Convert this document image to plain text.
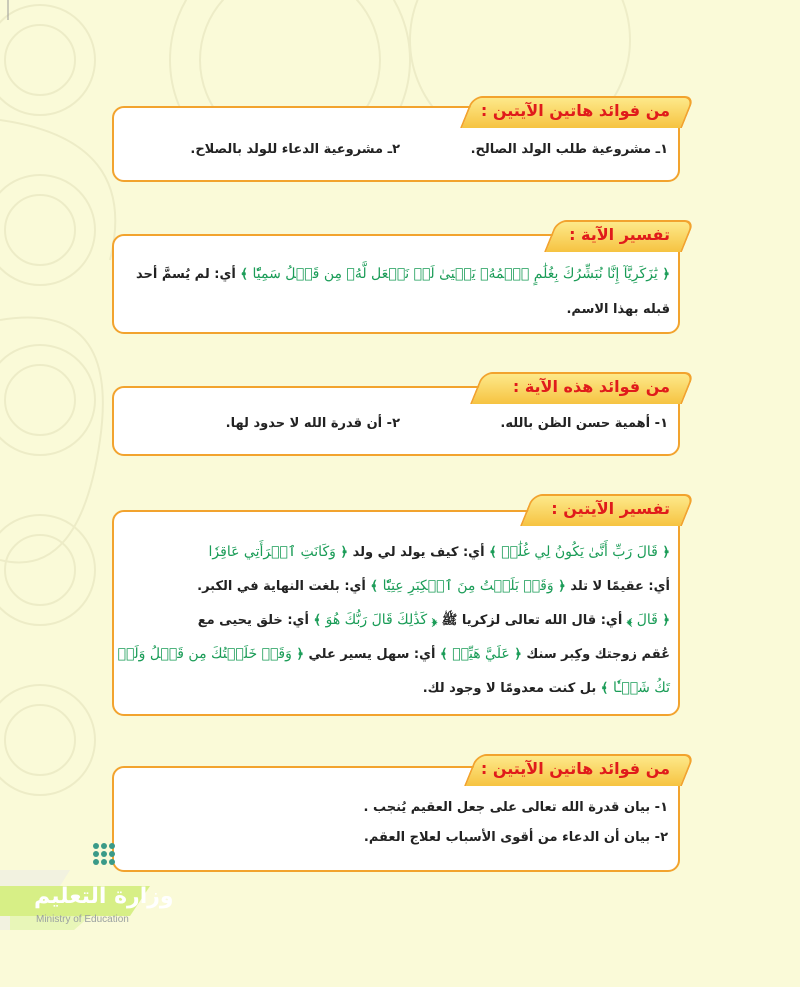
من فوائد هاتين الآيتين :
١ـ مشروعية طلب الولد الصالح.
٢ـ مشروعية الدعاء للولد بالصلاح.
تفسير الآية :
﴿ يَٰزَكَرِيَّآ إِنَّا نُبَشِّرُكَ بِغُلَٰمٍ ٱسۡمُهُۥ يَحۡيَىٰ لَمۡ نَجۡعَل لَّهُۥ مِن قَبۡلُ سَمِيّٗا ﴾ أي: لم يُسمَّ أحد
قبله بهذا الاسم.
من فوائد هذه الآية :
١- أهمية حسن الظن بالله.
٢- أن قدرة الله لا حدود لها.
تفسير الآيتين :
﴿ قَالَ رَبِّ أَنَّىٰ يَكُونُ لِي غُلَٰمٞ ﴾ أي: كيف يولد لي ولد ﴿ وَكَانَتِ ٱمۡرَأَتِي عَاقِرٗا
أي: عقيمًا لا تلد ﴿ وَقَدۡ بَلَغۡتُ مِنَ ٱلۡكِبَرِ عِتِيّٗا ﴾ أي: بلغت النهاية في الكبر.
﴿ قَالَ ﴾ أي: قال الله تعالى لزكريا ﷺ ﴿ كَذَٰلِكَ قَالَ رَبُّكَ هُوَ ﴾ أي: خلق يحيى مع
عُقم زوجتك وكِبر سنك ﴿ عَلَيَّ هَيِّنٞ ﴾ أي: سهل يسير علي ﴿ وَقَدۡ خَلَقۡتُكَ مِن قَبۡلُ وَلَمۡ
تَكُ شَيۡـٔٗا ﴾ بل كنت معدومًا لا وجود لك.
من فوائد هاتين الآيتين :
١- بيان قدرة الله تعالى على جعل العقيم يُنجب .
٢- بيان أن الدعاء من أقوى الأسباب لعلاج العقم.
وزارة التعليم
Ministry of Education
